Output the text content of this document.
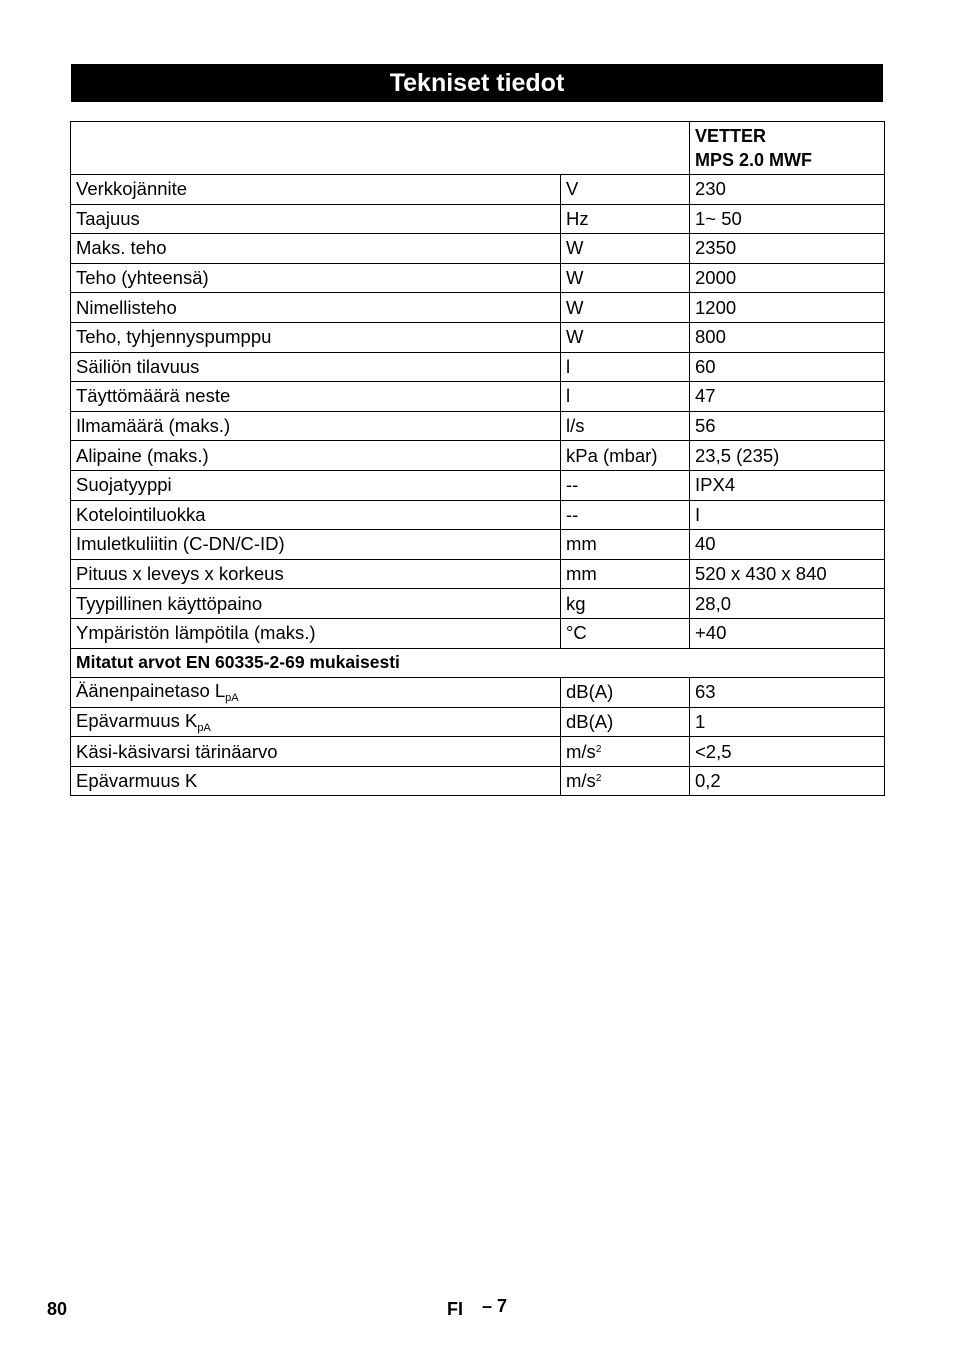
Tekniset tiedot
		VETTER
MPS 2.0 MWF
Verkkojännite	V	230
Taajuus	Hz	1~ 50
Maks. teho	W	2350
Teho (yhteensä)	W	2000
Nimellisteho	W	1200
Teho, tyhjennyspumppu	W	800
Säiliön tilavuus	l	60
Täyttömäärä neste	l	47
Ilmamäärä (maks.)	l/s	56
Alipaine (maks.)	kPa (mbar)	23,5 (235)
Suojatyyppi	--	IPX4
Kotelointiluokka	--	I
Imuletkuliitin (C-DN/C-ID)	mm	40
Pituus x leveys x korkeus	mm	520 x 430 x 840
Tyypillinen käyttöpaino	kg	28,0
Ympäristön lämpötila (maks.)	°C	+40
Mitatut arvot EN 60335-2-69 mukaisesti		
Äänenpainetaso $L_{pA}$	dB(A)	63
Epävarmuus $K_{pA}$	dB(A)	1
Käsi-käsivarsi tärinäarvo	$m/s^2$	<2,5
Epävarmuus K	$m/s^2$	0,2
80	FI – 7
